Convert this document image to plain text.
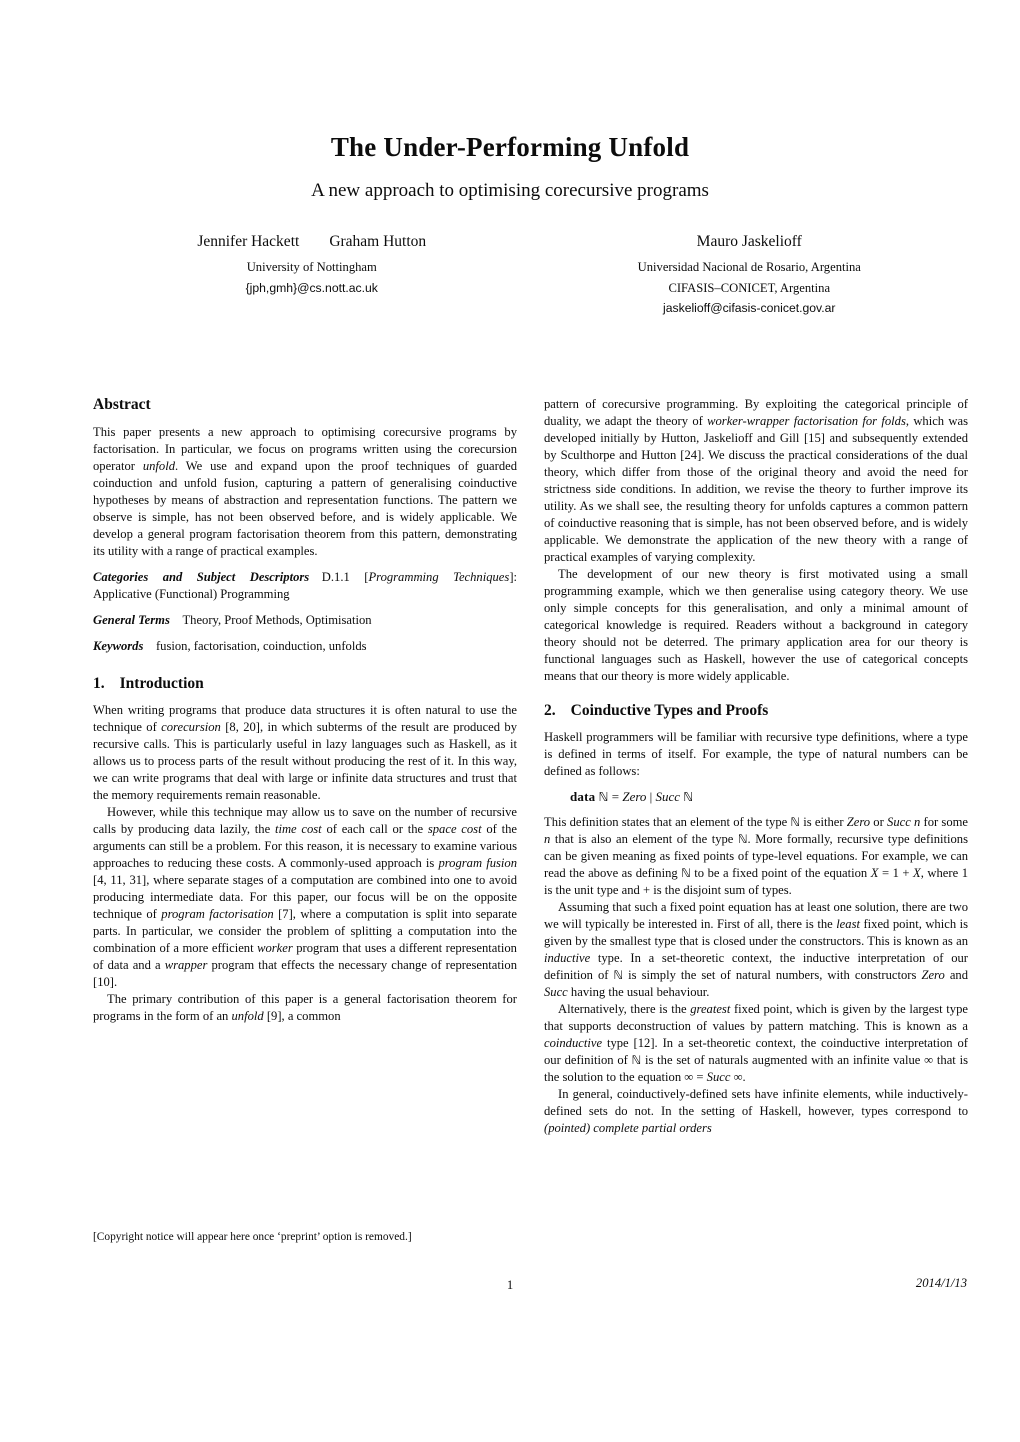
The Under-Performing Unfold
A new approach to optimising corecursive programs
Jennifer Hackett Graham Hutton
University of Nottingham
{jph,gmh}@cs.nott.ac.uk
Mauro Jaskelioff
Universidad Nacional de Rosario, Argentina
CIFASIS–CONICET, Argentina
jaskelioff@cifasis-conicet.gov.ar
Abstract

This paper presents a new approach to optimising corecursive programs by factorisation. In particular, we focus on programs written using the corecursion operator unfold. We use and expand upon the proof techniques of guarded coinduction and unfold fusion, capturing a pattern of generalising coinductive hypotheses by means of abstraction and representation functions. The pattern we observe is simple, has not been observed before, and is widely applicable. We develop a general program factorisation theorem from this pattern, demonstrating its utility with a range of practical examples.

Categories and Subject Descriptors  D.1.1 [Programming Techniques]: Applicative (Functional) Programming

General Terms  Theory, Proof Methods, Optimisation

Keywords  fusion, factorisation, coinduction, unfolds

1. Introduction

When writing programs that produce data structures it is often natural to use the technique of corecursion [8, 20], in which subterms of the result are produced by recursive calls. This is particularly useful in lazy languages such as Haskell, as it allows us to process parts of the result without producing the rest of it. In this way, we can write programs that deal with large or infinite data structures and trust that the memory requirements remain reasonable.

However, while this technique may allow us to save on the number of recursive calls by producing data lazily, the time cost of each call or the space cost of the arguments can still be a problem. For this reason, it is necessary to examine various approaches to reducing these costs. A commonly-used approach is program fusion [4, 11, 31], where separate stages of a computation are combined into one to avoid producing intermediate data. For this paper, our focus will be on the opposite technique of program factorisation [7], where a computation is split into separate parts. In particular, we consider the problem of splitting a computation into the combination of a more efficient worker program that uses a different representation of data and a wrapper program that effects the necessary change of representation [10].

The primary contribution of this paper is a general factorisation theorem for programs in the form of an unfold [9], a common

pattern of corecursive programming. By exploiting the categorical principle of duality, we adapt the theory of worker-wrapper factorisation for folds, which was developed initially by Hutton, Jaskelioff and Gill [15] and subsequently extended by Sculthorpe and Hutton [24]. We discuss the practical considerations of the dual theory, which differ from those of the original theory and avoid the need for strictness side conditions. In addition, we revise the theory to further improve its utility. As we shall see, the resulting theory for unfolds captures a common pattern of coinductive reasoning that is simple, has not been observed before, and is widely applicable. We demonstrate the application of the new theory with a range of practical examples of varying complexity.

The development of our new theory is first motivated using a small programming example, which we then generalise using category theory. We use only simple concepts for this generalisation, and only a minimal amount of categorical knowledge is required. Readers without a background in category theory should not be deterred. The primary application area for our theory is functional languages such as Haskell, however the use of categorical concepts means that our theory is more widely applicable.

2. Coinductive Types and Proofs

Haskell programmers will be familiar with recursive type definitions, where a type is defined in terms of itself. For example, the type of natural numbers can be defined as follows:

data ℕ = Zero | Succ ℕ

This definition states that an element of the type ℕ is either Zero or Succ n for some n that is also an element of the type ℕ. More formally, recursive type definitions can be given meaning as fixed points of type-level equations. For example, we can read the above as defining ℕ to be a fixed point of the equation X = 1 + X, where 1 is the unit type and + is the disjoint sum of types.

Assuming that such a fixed point equation has at least one solution, there are two we will typically be interested in. First of all, there is the least fixed point, which is given by the smallest type that is closed under the constructors. This is known as an inductive type. In a set-theoretic context, the inductive interpretation of our definition of ℕ is simply the set of natural numbers, with constructors Zero and Succ having the usual behaviour.

Alternatively, there is the greatest fixed point, which is given by the largest type that supports deconstruction of values by pattern matching. This is known as a coinductive type [12]. In a set-theoretic context, the coinductive interpretation of our definition of ℕ is the set of naturals augmented with an infinite value ∞ that is the solution to the equation ∞ = Succ ∞.

In general, coinductively-defined sets have infinite elements, while inductively-defined sets do not. In the setting of Haskell, however, types correspond to (pointed) complete partial orders

[Copyright notice will appear here once ‘preprint’ option is removed.]
1	2014/1/13
